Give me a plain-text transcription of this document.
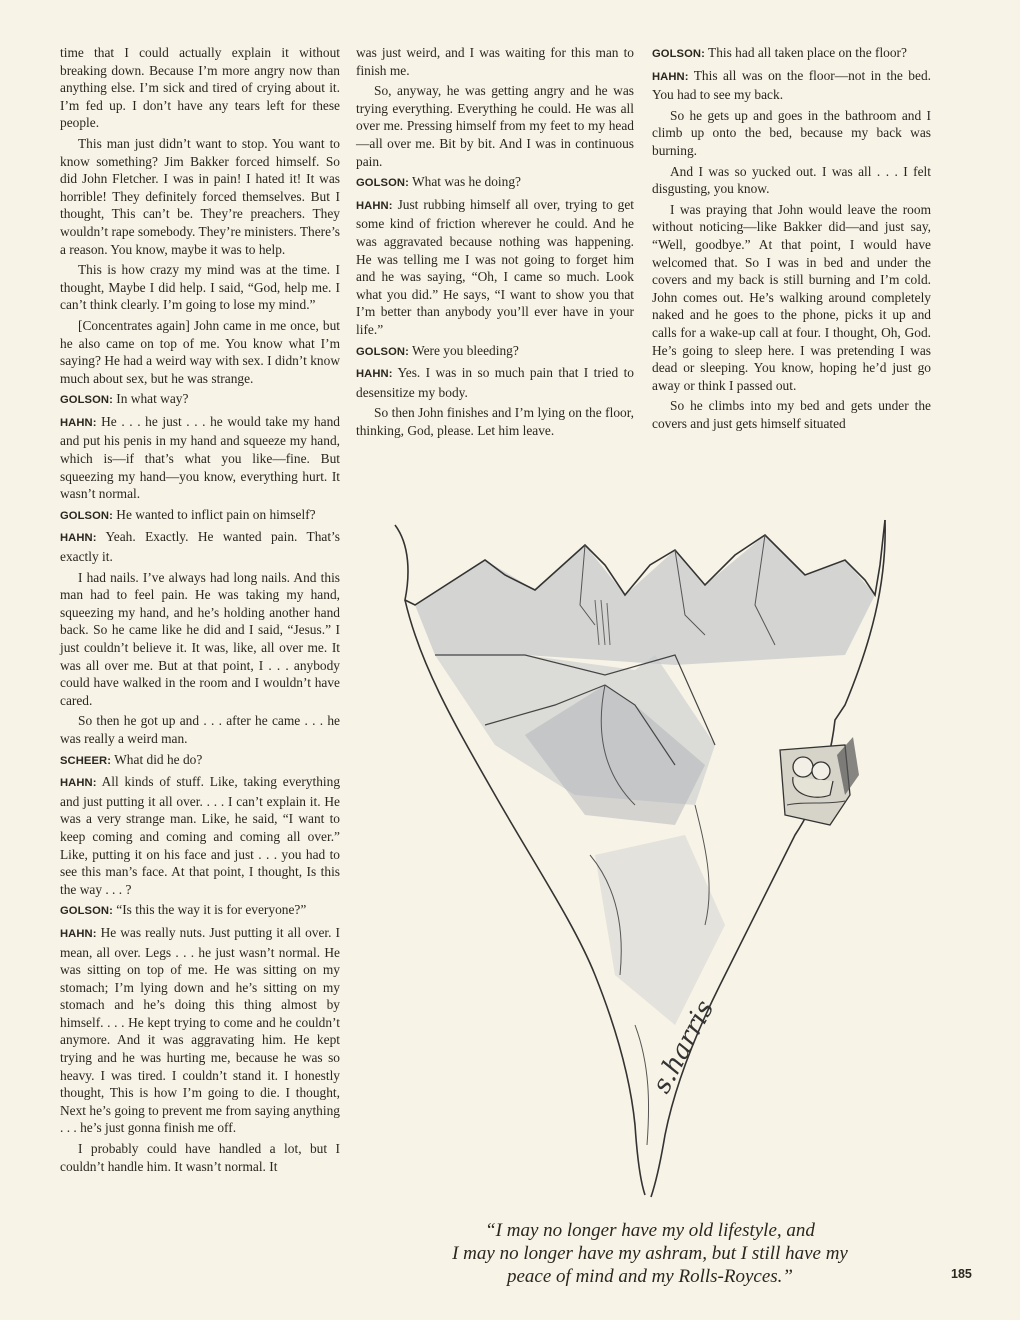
time that I could actually explain it without breaking down. Because I’m more angry now than anything else. I’m sick and tired of crying about it. I’m fed up. I don’t have any tears left for these people.

This man just didn’t want to stop. You want to know something? Jim Bakker forced himself. So did John Fletcher. I was in pain! I hated it! It was horrible! They definitely forced themselves. But I thought, This can’t be. They’re preachers. They wouldn’t rape somebody. They’re ministers. There’s a reason. You know, maybe it was to help.

This is how crazy my mind was at the time. I thought, Maybe I did help. I said, “God, help me. I can’t think clearly. I’m going to lose my mind.”

[Concentrates again] John came in me once, but he also came on top of me. You know what I’m saying? He had a weird way with sex. I didn’t know much about sex, but he was strange.

GOLSON: In what way?

HAHN: He . . . he just . . . he would take my hand and put his penis in my hand and squeeze my hand, which is—if that’s what you like—fine. But squeezing my hand—you know, everything hurt. It wasn’t normal.

GOLSON: He wanted to inflict pain on himself?

HAHN: Yeah. Exactly. He wanted pain. That’s exactly it.

I had nails. I’ve always had long nails. And this man had to feel pain. He was taking my hand, squeezing my hand, and he’s holding another hand back. So he came like he did and I said, “Jesus.” I just couldn’t believe it. It was, like, all over me. It was all over me. But at that point, I . . . anybody could have walked in the room and I wouldn’t have cared.

So then he got up and . . . after he came . . . he was really a weird man.

SCHEER: What did he do?

HAHN: All kinds of stuff. Like, taking everything and just putting it all over. . . . I can’t explain it. He was a very strange man. Like, he said, “I want to keep coming and coming and coming all over.” Like, putting it on his face and just . . . you had to see this man’s face. At that point, I thought, Is this the way . . . ?

GOLSON: “Is this the way it is for everyone?”

HAHN: He was really nuts. Just putting it all over. I mean, all over. Legs . . . he just wasn’t normal. He was sitting on top of me. He was sitting on my stomach; I’m lying down and he’s sitting on my stomach and he’s doing this thing almost by himself. . . . He kept trying to come and he couldn’t anymore. And it was aggravating him. He kept trying and he was hurting me, because he was so heavy. I was tired. I couldn’t stand it. I honestly thought, This is how I’m going to die. I thought, Next he’s going to prevent me from saying anything . . . he’s just gonna finish me off.

I probably could have handled a lot, but I couldn’t handle him. It wasn’t normal. It

was just weird, and I was waiting for this man to finish me.

So, anyway, he was getting angry and he was trying everything. Everything he could. He was all over me. Pressing himself from my feet to my head—all over me. Bit by bit. And I was in continuous pain.

GOLSON: What was he doing?

HAHN: Just rubbing himself all over, trying to get some kind of friction wherever he could. And he was aggravated because nothing was happening. He was telling me I was not going to forget him and he was saying, “Oh, I came so much. Look what you did.” He says, “I want to show you that I’m better than anybody you’ll ever have in your life.”

GOLSON: Were you bleeding?

HAHN: Yes. I was in so much pain that I tried to desensitize my body.

So then John finishes and I’m lying on the floor, thinking, God, please. Let him leave.

GOLSON: This had all taken place on the floor?

HAHN: This all was on the floor—not in the bed. You had to see my back.

So he gets up and goes in the bathroom and I climb up onto the bed, because my back was burning.

And I was so yucked out. I was all . . . I felt disgusting, you know.

I was praying that John would leave the room without noticing—like Bakker did—and just say, “Well, goodbye.” At that point, I would have welcomed that. So I was in bed and under the covers and my back is still burning and I’m cold. John comes out. He’s walking around completely naked and he goes to the phone, picks it up and calls for a wake-up call at four. I thought, Oh, God. He’s going to sleep here. I was pretending I was dead or sleeping. You know, hoping he’d just go away or think I passed out.

So he climbs into my bed and gets under the covers and just gets himself situated

s.harris
“I may no longer have my old lifestyle, and
I may no longer have my ashram, but I still have my
peace of mind and my Rolls-Royces.”	185
